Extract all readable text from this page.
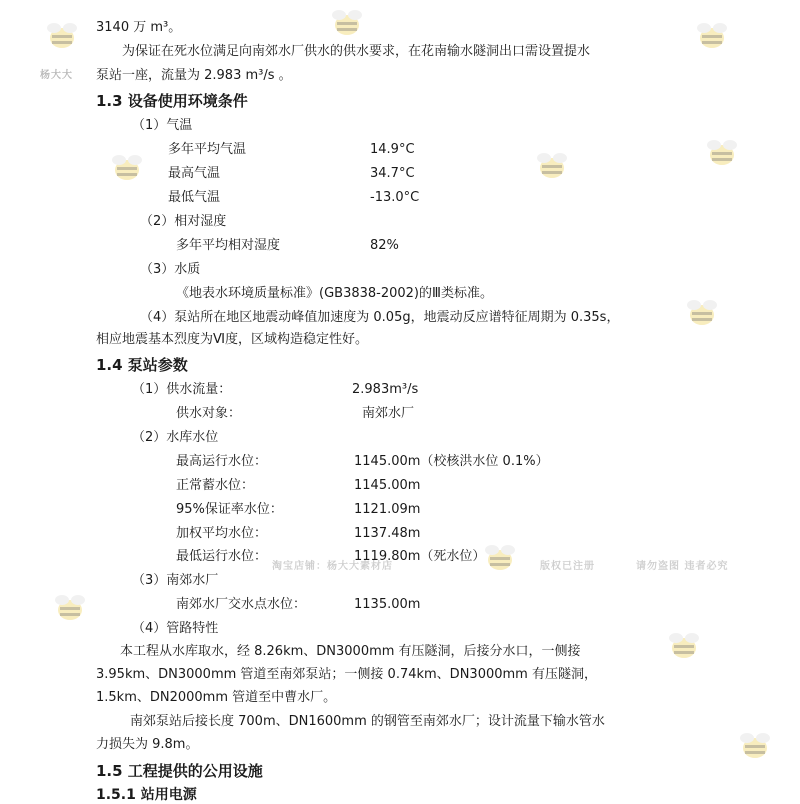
杨大大
淘宝店铺：杨大大素材店	版权已注册	请勿盗图 违者必究
3140 万 m³。
为保证在死水位满足向南郊水厂供水的供水要求，在花南输水隧洞出口需设置提水
泵站一座，流量为 2.983 m³/s 。
1.3 设备使用环境条件
（1）气温
多年平均气温	14.9°C
最高气温	34.7°C
最低气温	-13.0°C
（2）相对湿度
多年平均相对湿度	82%
（3）水质
《地表水环境质量标准》(GB3838-2002)的Ⅲ类标准。
（4）泵站所在地区地震动峰值加速度为 0.05g，地震动反应谱特征周期为 0.35s，
相应地震基本烈度为Ⅵ度，区域构造稳定性好。
1.4 泵站参数
（1）供水流量：	2.983m³/s
供水对象：	南郊水厂
（2）水库水位
最高运行水位：	1145.00m（校核洪水位 0.1%）
正常蓄水位：	1145.00m
95%保证率水位：	1121.09m
加权平均水位：	1137.48m
最低运行水位：	1119.80m（死水位）
（3）南郊水厂
南郊水厂交水点水位：	1135.00m
（4）管路特性
本工程从水库取水，经 8.26km、DN3000mm 有压隧洞，后接分水口，一侧接
3.95km、DN3000mm 管道至南郊泵站；一侧接 0.74km、DN3000mm 有压隧洞，
1.5km、DN2000mm 管道至中曹水厂。
南郊泵站后接长度 700m、DN1600mm 的钢管至南郊水厂；设计流量下输水管水
力损失为 9.8m。
1.5 工程提供的公用设施
1.5.1 站用电源
